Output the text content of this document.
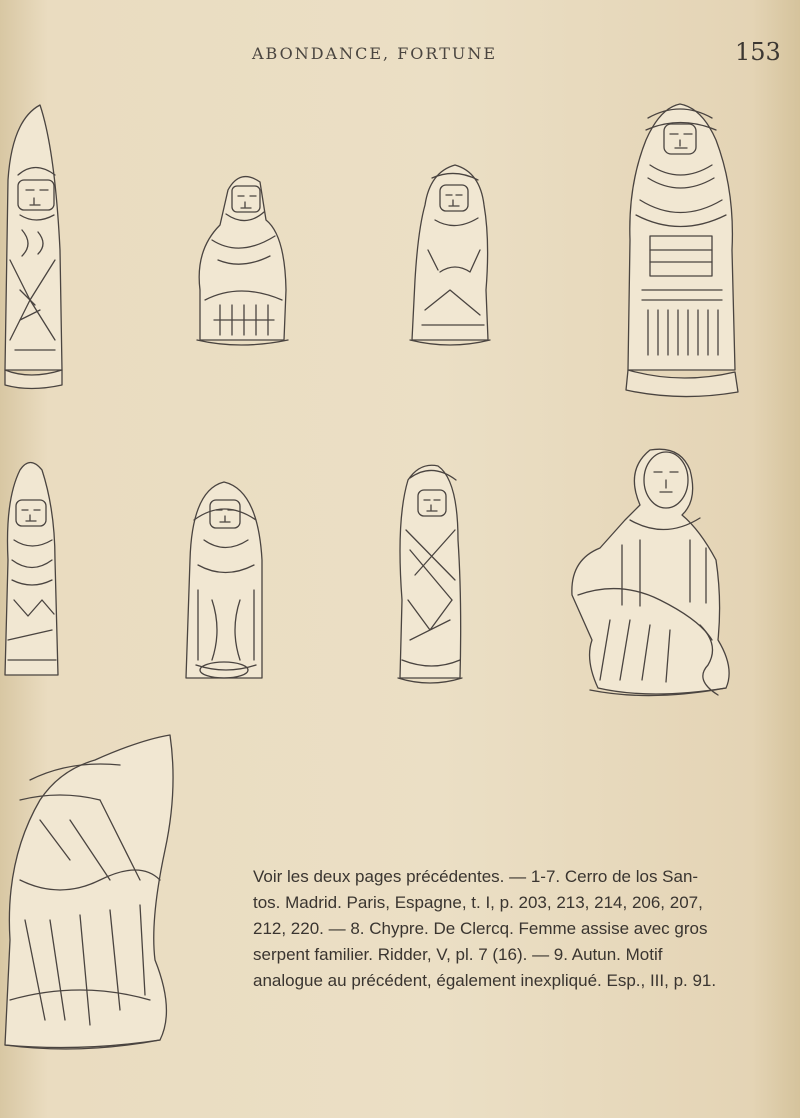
ABONDANCE, FORTUNE	153
Voir les deux pages précédentes. — 1-7. Cerro de los San-
tos. Madrid. Paris, Espagne, t. I, p. 203, 213, 214, 206, 207,
212, 220. — 8. Chypre. De Clercq. Femme assise avec gros
serpent familier. Ridder, V, pl. 7 (16). — 9. Autun. Motif
analogue au précédent, également inexpliqué. Esp., III, p. 91.
